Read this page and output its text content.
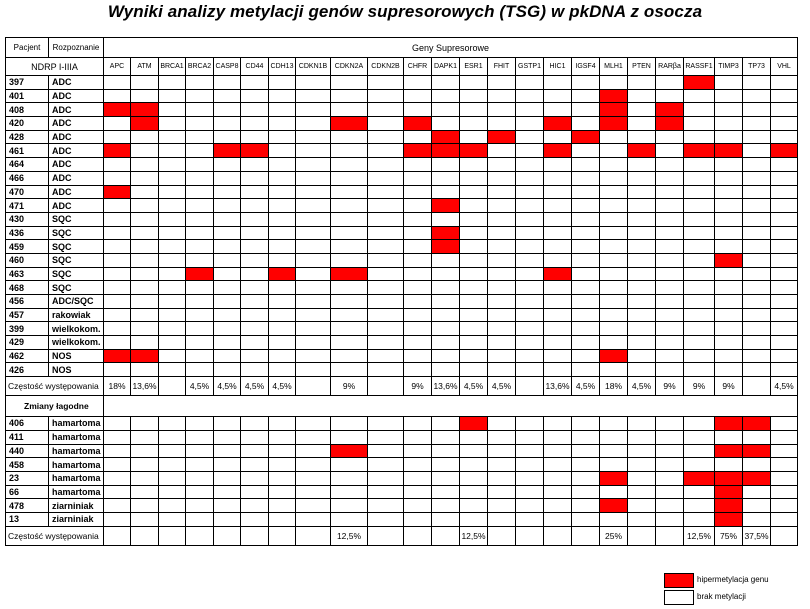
Wyniki analizy metylacji genów supresorowych (TSG) w pkDNA z osocza
Pacjent	Rozpoznanie	Geny Supresorowe																							
NDRP I-IIIA		APC	ATM	BRCA1	BRCA2	CASP8	CD44	CDH13	CDKN1B	CDKN2A	CDKN2B	CHFR	DAPK1	ESR1	FHIT	GSTP1	HIC1	IGSF4	MLH1	PTEN	RARβa	RASSF1	TIMP3	TP73	VHL
397	ADC																								
401	ADC																								
408	ADC																								
420	ADC																								
428	ADC																								
461	ADC																								
464	ADC																								
466	ADC																								
470	ADC																								
471	ADC																								
430	SQC																								
436	SQC																								
459	SQC																								
460	SQC																								
463	SQC																								
468	SQC																								
456	ADC/SQC																								
457	rakowiak																								
399	wielkokom.																								
429	wielkokom.																								
462	NOS																								
426	NOS																								
Częstość występowania		18%	13,6%		4,5%	4,5%	4,5%	4,5%		9%		9%	13,6%	4,5%	4,5%		13,6%	4,5%	18%	4,5%	9%	9%	9%		4,5%
Zmiany łagodne																									
406	hamartoma																								
411	hamartoma																								
440	hamartoma																								
458	hamartoma																								
23	hamartoma																								
66	hamartoma																								
478	ziarniniak																								
13	ziarniniak																								
Częstość występowania										12,5%				12,5%					25%			12,5%	75%	37,5%	
hipermetylacja genu
brak metylacji
